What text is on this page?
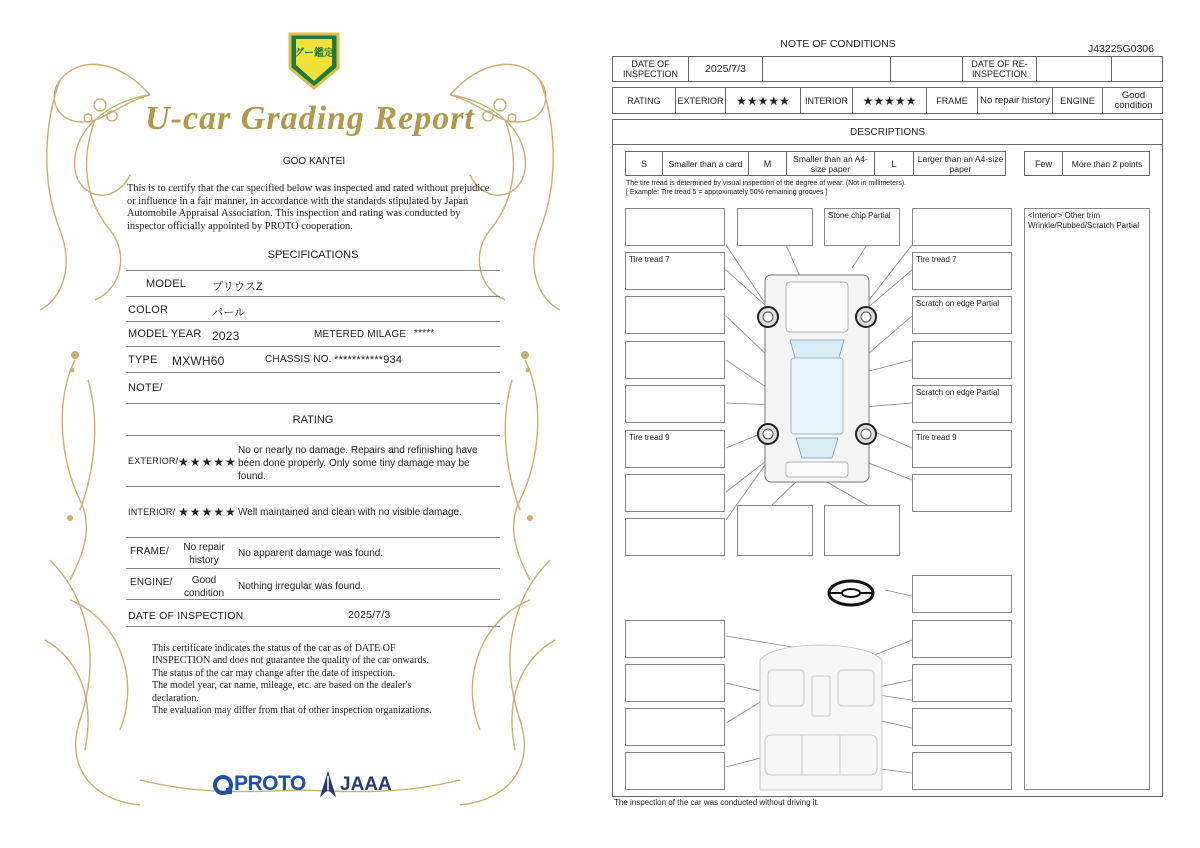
グー鑑定
U-car Grading Report
GOO KANTEI
This is to certify that the car specified below was inspected and rated without prejudice or influence in a fair manner, in accordance with the standards stipulated by Japan Automobile Appraisal Association. This inspection and rating was conducted by inspector officially appointed by PROTO cooperation.
SPECIFICATIONS
MODEL プリウスZ
COLOR	パール
MODEL YEAR 2023	METERED MILAGE *****
TYPE MXWH60	CHASSIS NO. ***********934
NOTE/
RATING
EXTERIOR/ ★★★★★
No or nearly no damage. Repairs and refinishing have been done properly. Only some tiny damage may be found.
INTERIOR/ ★★★★★ Well maintained and clean with no visible damage.
FRAME/	No repair history
No apparent damage was found.
ENGINE/	Good condition
Nothing irregular was found.
DATE OF INSPECTION	2025/7/3
This certificate indicates the status of the car as of DATE OF
INSPECTION and does not guarantee the quality of the car onwards.
The status of the car may change after the date of inspection.
The model year, car name, mileage, etc. are based on the dealer's
declaration.
The evaluation may differ from that of other inspection organizations.
PROTO JAAA
NOTE OF CONDITIONS	J43225G0306
DATE OF INSPECTION	2025/7/3	DATE OF RE-INSPECTION
RATING	EXTERIOR	★★★★★	INTERIOR	★★★★★	FRAME	No repair history	ENGINE	Good condition
DESCRIPTIONS
S	Smaller than a card	M	Smaller than an A4-size paper	L	Larger than an A4-size paper	Few	More than 2 points
The tire tread is determined by visual inspection of the degree of wear. (Not in millimeters).
[ Example: Tire tread 5 = approximately 50% remaining grooves ]
Tire tread 7
Tire tread 9
Stone chip Partial
Tire tread 7
Scratch on edge Partial
Scratch on edge Partial
Tire tread 9
<Interior> Other trim Wrinkle/Rubbed/Scratch Partial
The inspection of the car was conducted without driving it.
